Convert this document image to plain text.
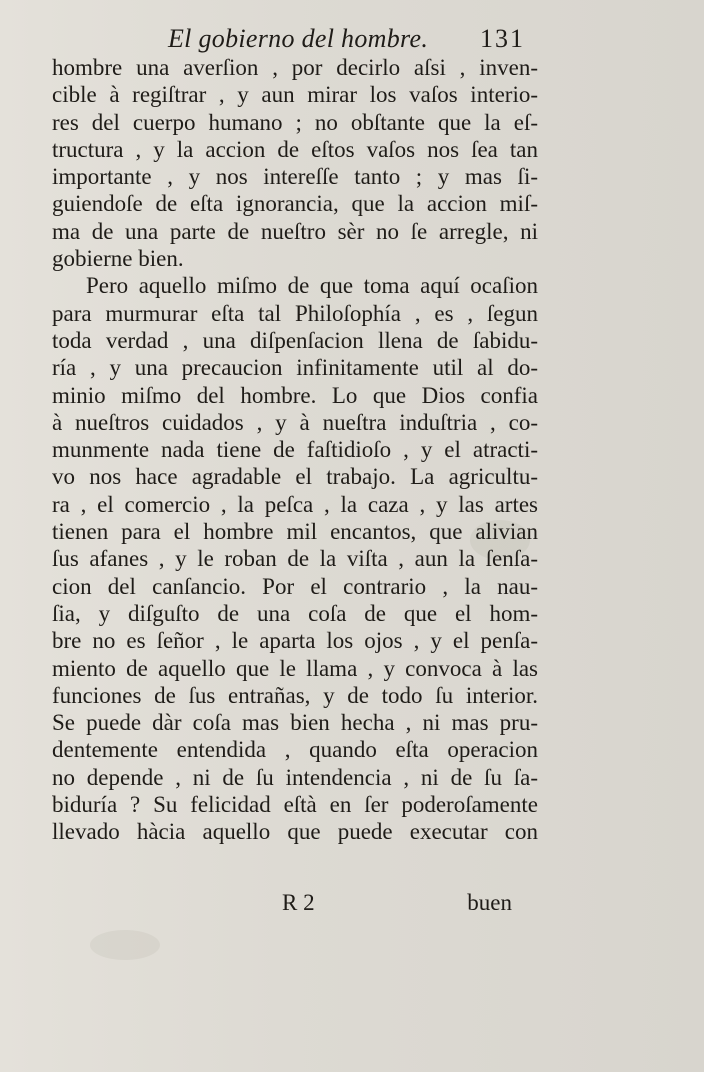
El gobierno del hombre. 131
hombre una averſion , por decirlo aſsi , inven-
cible à regiſtrar , y aun mirar los vaſos interio-
res del cuerpo humano ; no obſtante que la eſ-
tructura , y la accion de eſtos vaſos nos ſea tan
importante , y nos intereſſe tanto ; y mas ſi-
guiendoſe de eſta ignorancia, que la accion miſ-
ma de una parte de nueſtro sèr no ſe arregle, ni
gobierne bien.
Pero aquello miſmo de que toma aquí ocaſion
para murmurar eſta tal Philoſophía , es , ſegun
toda verdad , una diſpenſacion llena de ſabidu-
ría , y una precaucion infinitamente util al do-
minio miſmo del hombre. Lo que Dios confia
à nueſtros cuidados , y à nueſtra induſtria , co-
munmente nada tiene de faſtidioſo , y el atracti-
vo nos hace agradable el trabajo. La agricultu-
ra , el comercio , la peſca , la caza , y las artes
tienen para el hombre mil encantos, que alivian
ſus afanes , y le roban de la viſta , aun la ſenſa-
cion del canſancio. Por el contrario , la nau-
ſia, y diſguſto de una coſa de que el hom-
bre no es ſeñor , le aparta los ojos , y el penſa-
miento de aquello que le llama , y convoca à las
funciones de ſus entrañas, y de todo ſu interior.
Se puede dàr coſa mas bien hecha , ni mas pru-
dentemente entendida , quando eſta operacion
no depende , ni de ſu intendencia , ni de ſu ſa-
biduría ? Su felicidad eſtà en ſer poderoſamente
llevado hàcia aquello que puede executar con
R 2	buen
